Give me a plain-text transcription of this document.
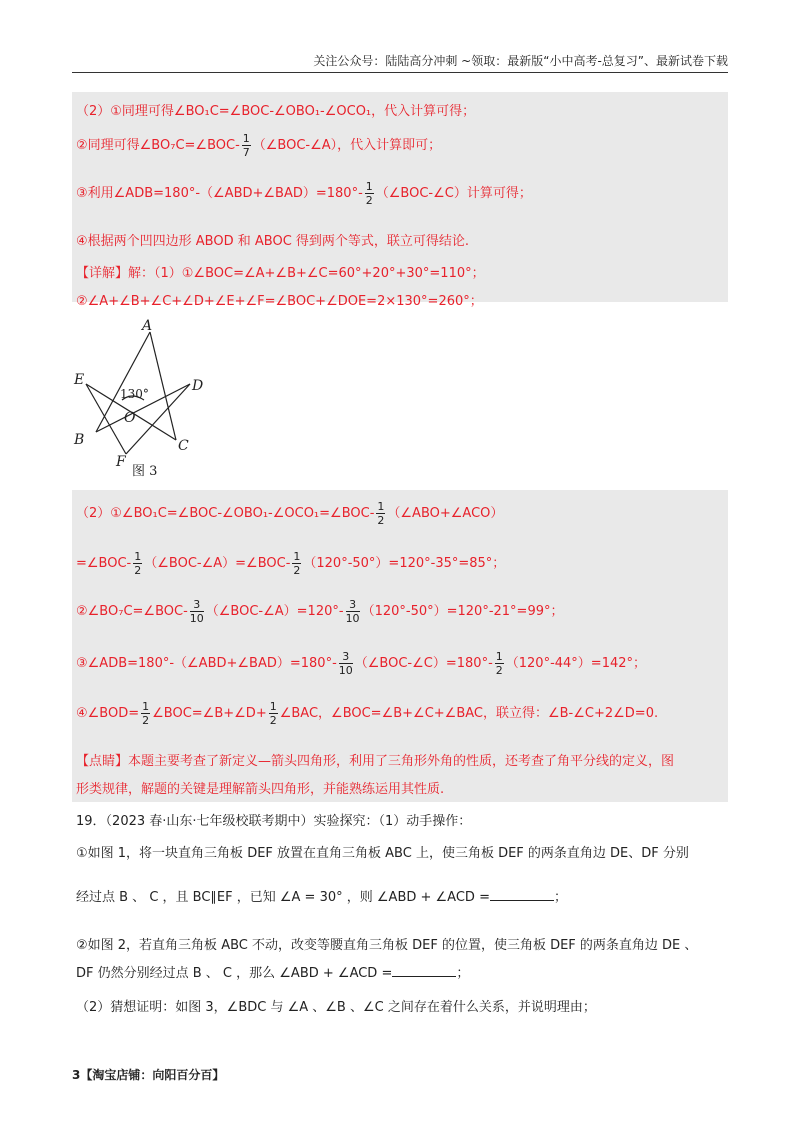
关注公众号：陆陆高分冲刺 ~领取：最新版“小中高考-总复习”、最新试卷下载
（2）①同理可得∠BO₁C=∠BOC-∠OBO₁-∠OCO₁，代入计算可得；
②同理可得∠BO₇C=∠BOC- $\frac{1}{7}$ （∠BOC-∠A），代入计算即可；
③利用∠ADB=180°-（∠ABD+∠BAD）=180°- $\frac{1}{2}$ （∠BOC-∠C）计算可得；
④根据两个凹四边形 ABOD 和 ABOC 得到两个等式，联立可得结论.
【详解】解：（1）①∠BOC=∠A+∠B+∠C=60°+20°+30°=110°；
②∠A+∠B+∠C+∠D+∠E+∠F=∠BOC+∠DOE=2×130°=260°；
A
E	D
B	C
F
O
130°
图 3
（2）①∠BO₁C=∠BOC-∠OBO₁-∠OCO₁=∠BOC- $\frac{1}{2}$ （∠ABO+∠ACO）
=∠BOC- $\frac{1}{2}$ （∠BOC-∠A）=∠BOC- $\frac{1}{2} (120^\circ-50^\circ)=120^\circ-35^\circ=85^\circ$；
②∠BO₇C=∠BOC- $\frac{3}{10}$ （∠BOC-∠A）=120°- $\frac{3}{10} (120^\circ-50^\circ)=120^\circ-21^\circ=99^\circ$；
③∠ADB=180°-（∠ABD+∠BAD）=180°- $\frac{3}{10}$ （∠BOC-∠C）=180°- $\frac{1}{2} (120^\circ-44^\circ)=142^\circ$；
④∠BOD= $\frac{1}{2}$ ∠BOC=∠B+∠D+ $\frac{1}{2}$ ∠BAC，∠BOC=∠B+∠C+∠BAC，联立得：∠B-∠C+2∠D=0.
【点睛】本题主要考查了新定义—箭头四角形，利用了三角形外角的性质，还考查了角平分线的定义，图
形类规律，解题的关键是理解箭头四角形，并能熟练运用其性质.
19．（2023 春·山东·七年级校联考期中）实验探究：（1）动手操作：
①如图 1，将一块直角三角板 DEF 放置在直角三角板 ABC 上，使三角板 DEF 的两条直角边 DE、DF 分别
经过点 B 、 C ，且 BC∥EF ，已知 ∠A = 30° ，则 ∠ABD + ∠ACD =	；
②如图 2，若直角三角板 ABC 不动，改变等腰直角三角板 DEF 的位置，使三角板 DEF 的两条直角边 DE 、
DF 仍然分别经过点 B 、 C ，那么 ∠ABD + ∠ACD =	；
（2）猜想证明：如图 3，∠BDC 与 ∠A 、∠B 、∠C 之间存在着什么关系，并说明理由；
3【淘宝店铺：向阳百分百】
